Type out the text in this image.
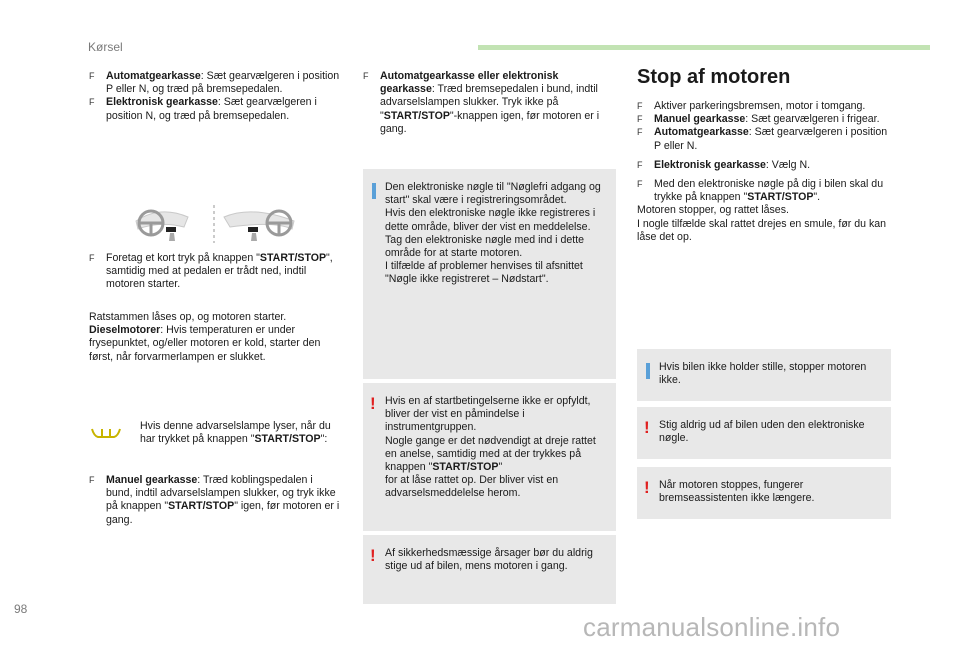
Kørsel
F Automatgearkasse: Sæt gearvælgeren i position P eller N, og træd på bremsepedalen.
F Elektronisk gearkasse: Sæt gearvælgeren i position N, og træd på bremsepedalen.
F Foretag et kort tryk på knappen "START/STOP", samtidig med at pedalen er trådt ned, indtil motoren starter.

Ratstammen låses op, og motoren starter.

Dieselmotorer: Hvis temperaturen er under frysepunktet, og/eller motoren er kold, starter den først, når forvarmerlampen er slukket.

Hvis denne advarselslampe lyser, når du har trykket på knappen "START/STOP":
F Manuel gearkasse: Træd koblingspedalen i bund, indtil advarselslampen slukker, og tryk ikke på knappen "START/STOP" igen, før motoren er i gang.
F Automatgearkasse eller elektronisk gearkasse: Træd bremsepedalen i bund, indtil advarselslampen slukker. Tryk ikke på "START/STOP"-knappen igen, før motoren er i gang.
Den elektroniske nøgle til "Nøglefri adgang og start" skal være i registreringsområdet.
Hvis den elektroniske nøgle ikke registreres i dette område, bliver der vist en meddelelse.
Tag den elektroniske nøgle med ind i dette område for at starte motoren.
I tilfælde af problemer henvises til afsnittet "Nøgle ikke registreret – Nødstart".
! Hvis en af startbetingelserne ikke er opfyldt, bliver der vist en påmindelse i instrumentgruppen.
Nogle gange er det nødvendigt at dreje rattet en anelse, samtidig med at der trykkes på knappen "START/STOP"
for at låse rattet op. Der bliver vist en advarselsmeddelelse herom.
! Af sikkerhedsmæssige årsager bør du aldrig stige ud af bilen, mens motoren i gang.
Stop af motoren
F Aktiver parkeringsbremsen, motor i tomgang.
F Manuel gearkasse: Sæt gearvælgeren i frigear.
F Automatgearkasse: Sæt gearvælgeren i position P eller N.
F Elektronisk gearkasse: Vælg N.
F Med den elektroniske nøgle på dig i bilen skal du trykke på knappen "START/STOP".

Motoren stopper, og rattet låses.
I nogle tilfælde skal rattet drejes en smule, før du kan låse det op.

Hvis bilen ikke holder stille, stopper motoren ikke.
! Stig aldrig ud af bilen uden den elektroniske nøgle.
! Når motoren stoppes, fungerer bremseassistenten ikke længere.
98
carmanualsonline.info
